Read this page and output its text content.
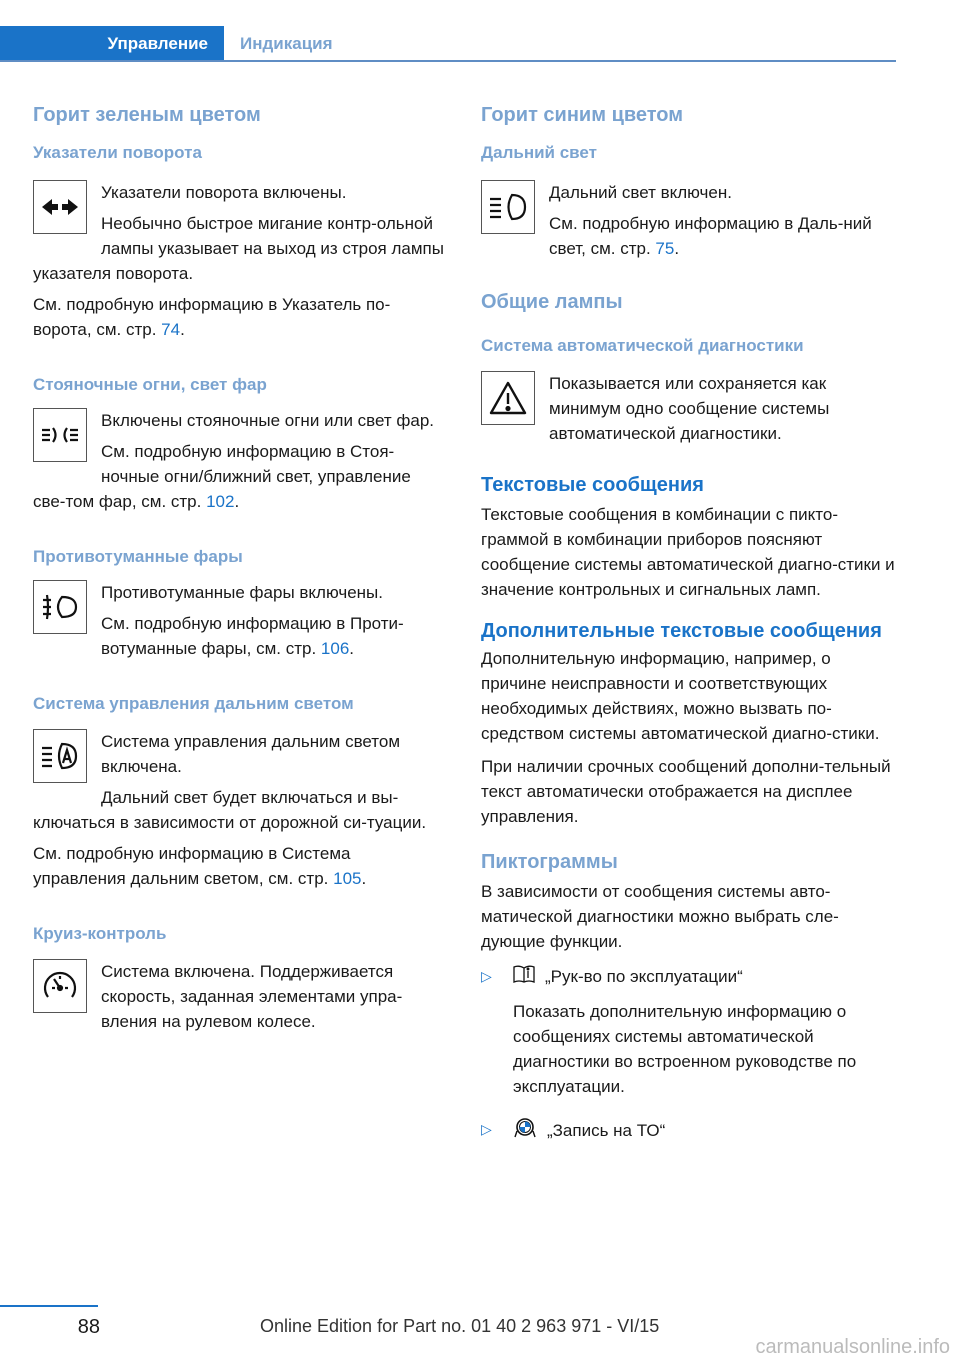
Управление	Индикация
Горит зеленым цветом
Указатели поворота

Указатели поворота включены.

Необычно быстрое мигание контр-ольной лампы указывает на выход из строя лампы указателя поворота.

См. подробную информацию в Указатель по-ворота, см. стр. 74.

Стояночные огни, свет фар

Включены стояночные огни или свет фар.

См. подробную информацию в Стоя-ночные огни/ближний свет, управление све-том фар, см. стр. 102.

Противотуманные фары

Противотуманные фары включены.

См. подробную информацию в Проти-вотуманные фары, см. стр. 106.

Система управления дальним светом

Система управления дальним светом включена.

Дальний свет будет включаться и вы-ключаться в зависимости от дорожной си-туации.

См. подробную информацию в Система управления дальним светом, см. стр. 105.

Круиз-контроль

Система включена. Поддерживается скорость, заданная элементами упра-вления на рулевом колесе.

Горит синим цветом
Дальний свет

Дальний свет включен.

См. подробную информацию в Даль-ний свет, см. стр. 75.

Общие лампы
Система автоматической диагностики

Показывается или сохраняется как минимум одно сообщение системы автоматической диагностики.

Текстовые сообщения

Текстовые сообщения в комбинации с пикто-граммой в комбинации приборов поясняют сообщение системы автоматической диагно-стики и значение контрольных и сигнальных ламп.

Дополнительные текстовые сообщения

Дополнительную информацию, например, о причине неисправности и соответствующих необходимых действиях, можно вызвать по-средством системы автоматической диагно-стики.

При наличии срочных сообщений дополни-тельный текст автоматически отображается на дисплее управления.

Пиктограммы

В зависимости от сообщения системы авто-матической диагностики можно выбрать сле-дующие функции.

▷	„Рук-во по эксплуатации“

Показать дополнительную информацию о сообщениях системы автоматической диагностики во встроенном руководстве по эксплуатации.

▷	„Запись на ТО“
88	Online Edition for Part no. 01 40 2 963 971 - VI/15
carmanualsonline.info
